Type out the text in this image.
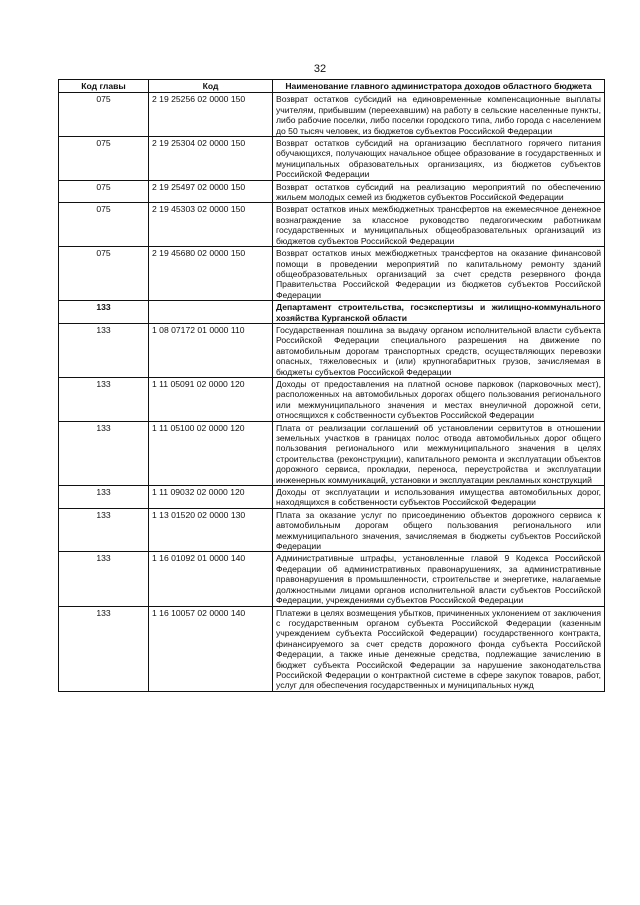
32
Код главы	Код	Наименование главного администратора доходов областного бюджета
075	2 19 25256 02 0000 150	Возврат остатков субсидий на единовременные компенсационные выплаты учителям, прибывшим (переехавшим) на работу в сельские населенные пункты, либо рабочие поселки, либо поселки городского типа, либо города с населением до 50 тысяч человек, из бюджетов субъектов Российской Федерации
075	2 19 25304 02 0000 150	Возврат остатков субсидий на организацию бесплатного горячего питания обучающихся, получающих начальное общее образование в государственных и муниципальных образовательных организациях, из бюджетов субъектов Российской Федерации
075	2 19 25497 02 0000 150	Возврат остатков субсидий на реализацию мероприятий по обеспечению жильем молодых семей из бюджетов субъектов Российской Федерации
075	2 19 45303 02 0000 150	Возврат остатков иных межбюджетных трансфертов на ежемесячное денежное вознаграждение за классное руководство педагогическим работникам государственных и муниципальных общеобразовательных организаций из бюджетов субъектов Российской Федерации
075	2 19 45680 02 0000 150	Возврат остатков иных межбюджетных трансфертов на оказание финансовой помощи в проведении мероприятий по капитальному ремонту зданий общеобразовательных организаций за счет средств резервного фонда Правительства Российской Федерации из бюджетов субъектов Российской Федерации
133		Департамент строительства, госэкспертизы и жилищно-коммунального хозяйства Курганской области
133	1 08 07172 01 0000 110	Государственная пошлина за выдачу органом исполнительной власти субъекта Российской Федерации специального разрешения на движение по автомобильным дорогам транспортных средств, осуществляющих перевозки опасных, тяжеловесных и (или) крупногабаритных грузов, зачисляемая в бюджеты субъектов Российской Федерации
133	1 11 05091 02 0000 120	Доходы от предоставления на платной основе парковок (парковочных мест), расположенных на автомобильных дорогах общего пользования регионального или межмуниципального значения и местах внеуличной дорожной сети, относящихся к собственности субъектов Российской Федерации
133	1 11 05100 02 0000 120	Плата от реализации соглашений об установлении сервитутов в отношении земельных участков в границах полос отвода автомобильных дорог общего пользования регионального или межмуниципального значения в целях строительства (реконструкции), капитального ремонта и эксплуатации объектов дорожного сервиса, прокладки, переноса, переустройства и эксплуатации инженерных коммуникаций, установки и эксплуатации рекламных конструкций
133	1 11 09032 02 0000 120	Доходы от эксплуатации и использования имущества автомобильных дорог, находящихся в собственности субъектов Российской Федерации
133	1 13 01520 02 0000 130	Плата за оказание услуг по присоединению объектов дорожного сервиса к автомобильным дорогам общего пользования регионального или межмуниципального значения, зачисляемая в бюджеты субъектов Российской Федерации
133	1 16 01092 01 0000 140	Административные штрафы, установленные главой 9 Кодекса Российской Федерации об административных правонарушениях, за административные правонарушения в промышленности, строительстве и энергетике, налагаемые должностными лицами органов исполнительной власти субъектов Российской Федерации, учреждениями субъектов Российской Федерации
133	1 16 10057 02 0000 140	Платежи в целях возмещения убытков, причиненных уклонением от заключения с государственным органом субъекта Российской Федерации (казенным учреждением субъекта Российской Федерации) государственного контракта, финансируемого за счет средств дорожного фонда субъекта Российской Федерации, а также иные денежные средства, подлежащие зачислению в бюджет субъекта Российской Федерации за нарушение законодательства Российской Федерации о контрактной системе в сфере закупок товаров, работ, услуг для обеспечения государственных и муниципальных нужд
